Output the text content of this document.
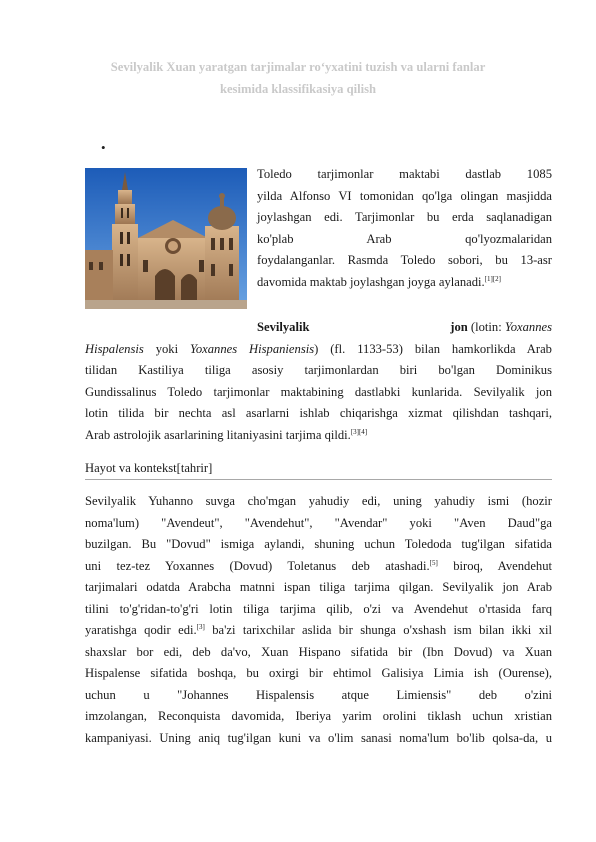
Sevilyalik Xuan yaratgan tarjimalar ro‘yxatini tuzish va ularni fanlar
kesimida klassifikasiya qilish
•
Toledo tarjimonlar maktabi dastlab 1085
yilda Alfonso VI tomonidan qo'lga olingan masjidda
joylashgan edi. Tarjimonlar bu erda saqlanadigan
ko'plab Arab qo'lyozmalaridan
foydalanganlar. Rasmda Toledo sobori, bu 13-asr
davomida maktab joylashgan joyga aylanadi.[1][2]
Sevilyalik	jon (lotin: Yoxannes
Hispalensis yoki Yoxannes Hispaniensis) (fl. 1133-53) bilan hamkorlikda Arab
tilidan Kastiliya tiliga asosiy tarjimonlardan biri bo'lgan Dominikus
Gundissalinus Toledo tarjimonlar maktabining dastlabki kunlarida. Sevilyalik jon
lotin tilida bir nechta asl asarlarni ishlab chiqarishga xizmat qilishdan tashqari,
Arab astrolojik asarlarining litaniyasini tarjima qildi.[3][4]
Hayot va kontekst[tahrir]
Sevilyalik Yuhanno suvga cho'mgan yahudiy edi, uning yahudiy ismi (hozir
noma'lum) "Avendeut", "Avendehut", "Avendar" yoki "Aven Daud"ga
buzilgan. Bu "Dovud" ismiga aylandi, shuning uchun Toledoda tug'ilgan sifatida
uni tez-tez Yoxannes (Dovud) Toletanus deb atashadi.[5] biroq, Avendehut
tarjimalari odatda Arabcha matnni ispan tiliga tarjima qilgan. Sevilyalik jon Arab
tilini to'g'ridan-to'g'ri lotin tiliga tarjima qilib, o'zi va Avendehut o'rtasida farq
yaratishga qodir edi.[3] ba'zi tarixchilar aslida bir shunga o'xshash ism bilan ikki xil
shaxslar bor edi, deb da'vo, Xuan Hispano sifatida bir (Ibn Dovud) va Xuan
Hispalense sifatida boshqa, bu oxirgi bir ehtimol Galisiya Limia ish (Ourense),
uchun u "Johannes Hispalensis atque Limiensis" deb o'zini
imzolangan, Reconquista davomida, Iberiya yarim orolini tiklash uchun xristian
kampaniyasi. Uning aniq tug'ilgan kuni va o'lim sanasi noma'lum bo'lib qolsa-da, u
